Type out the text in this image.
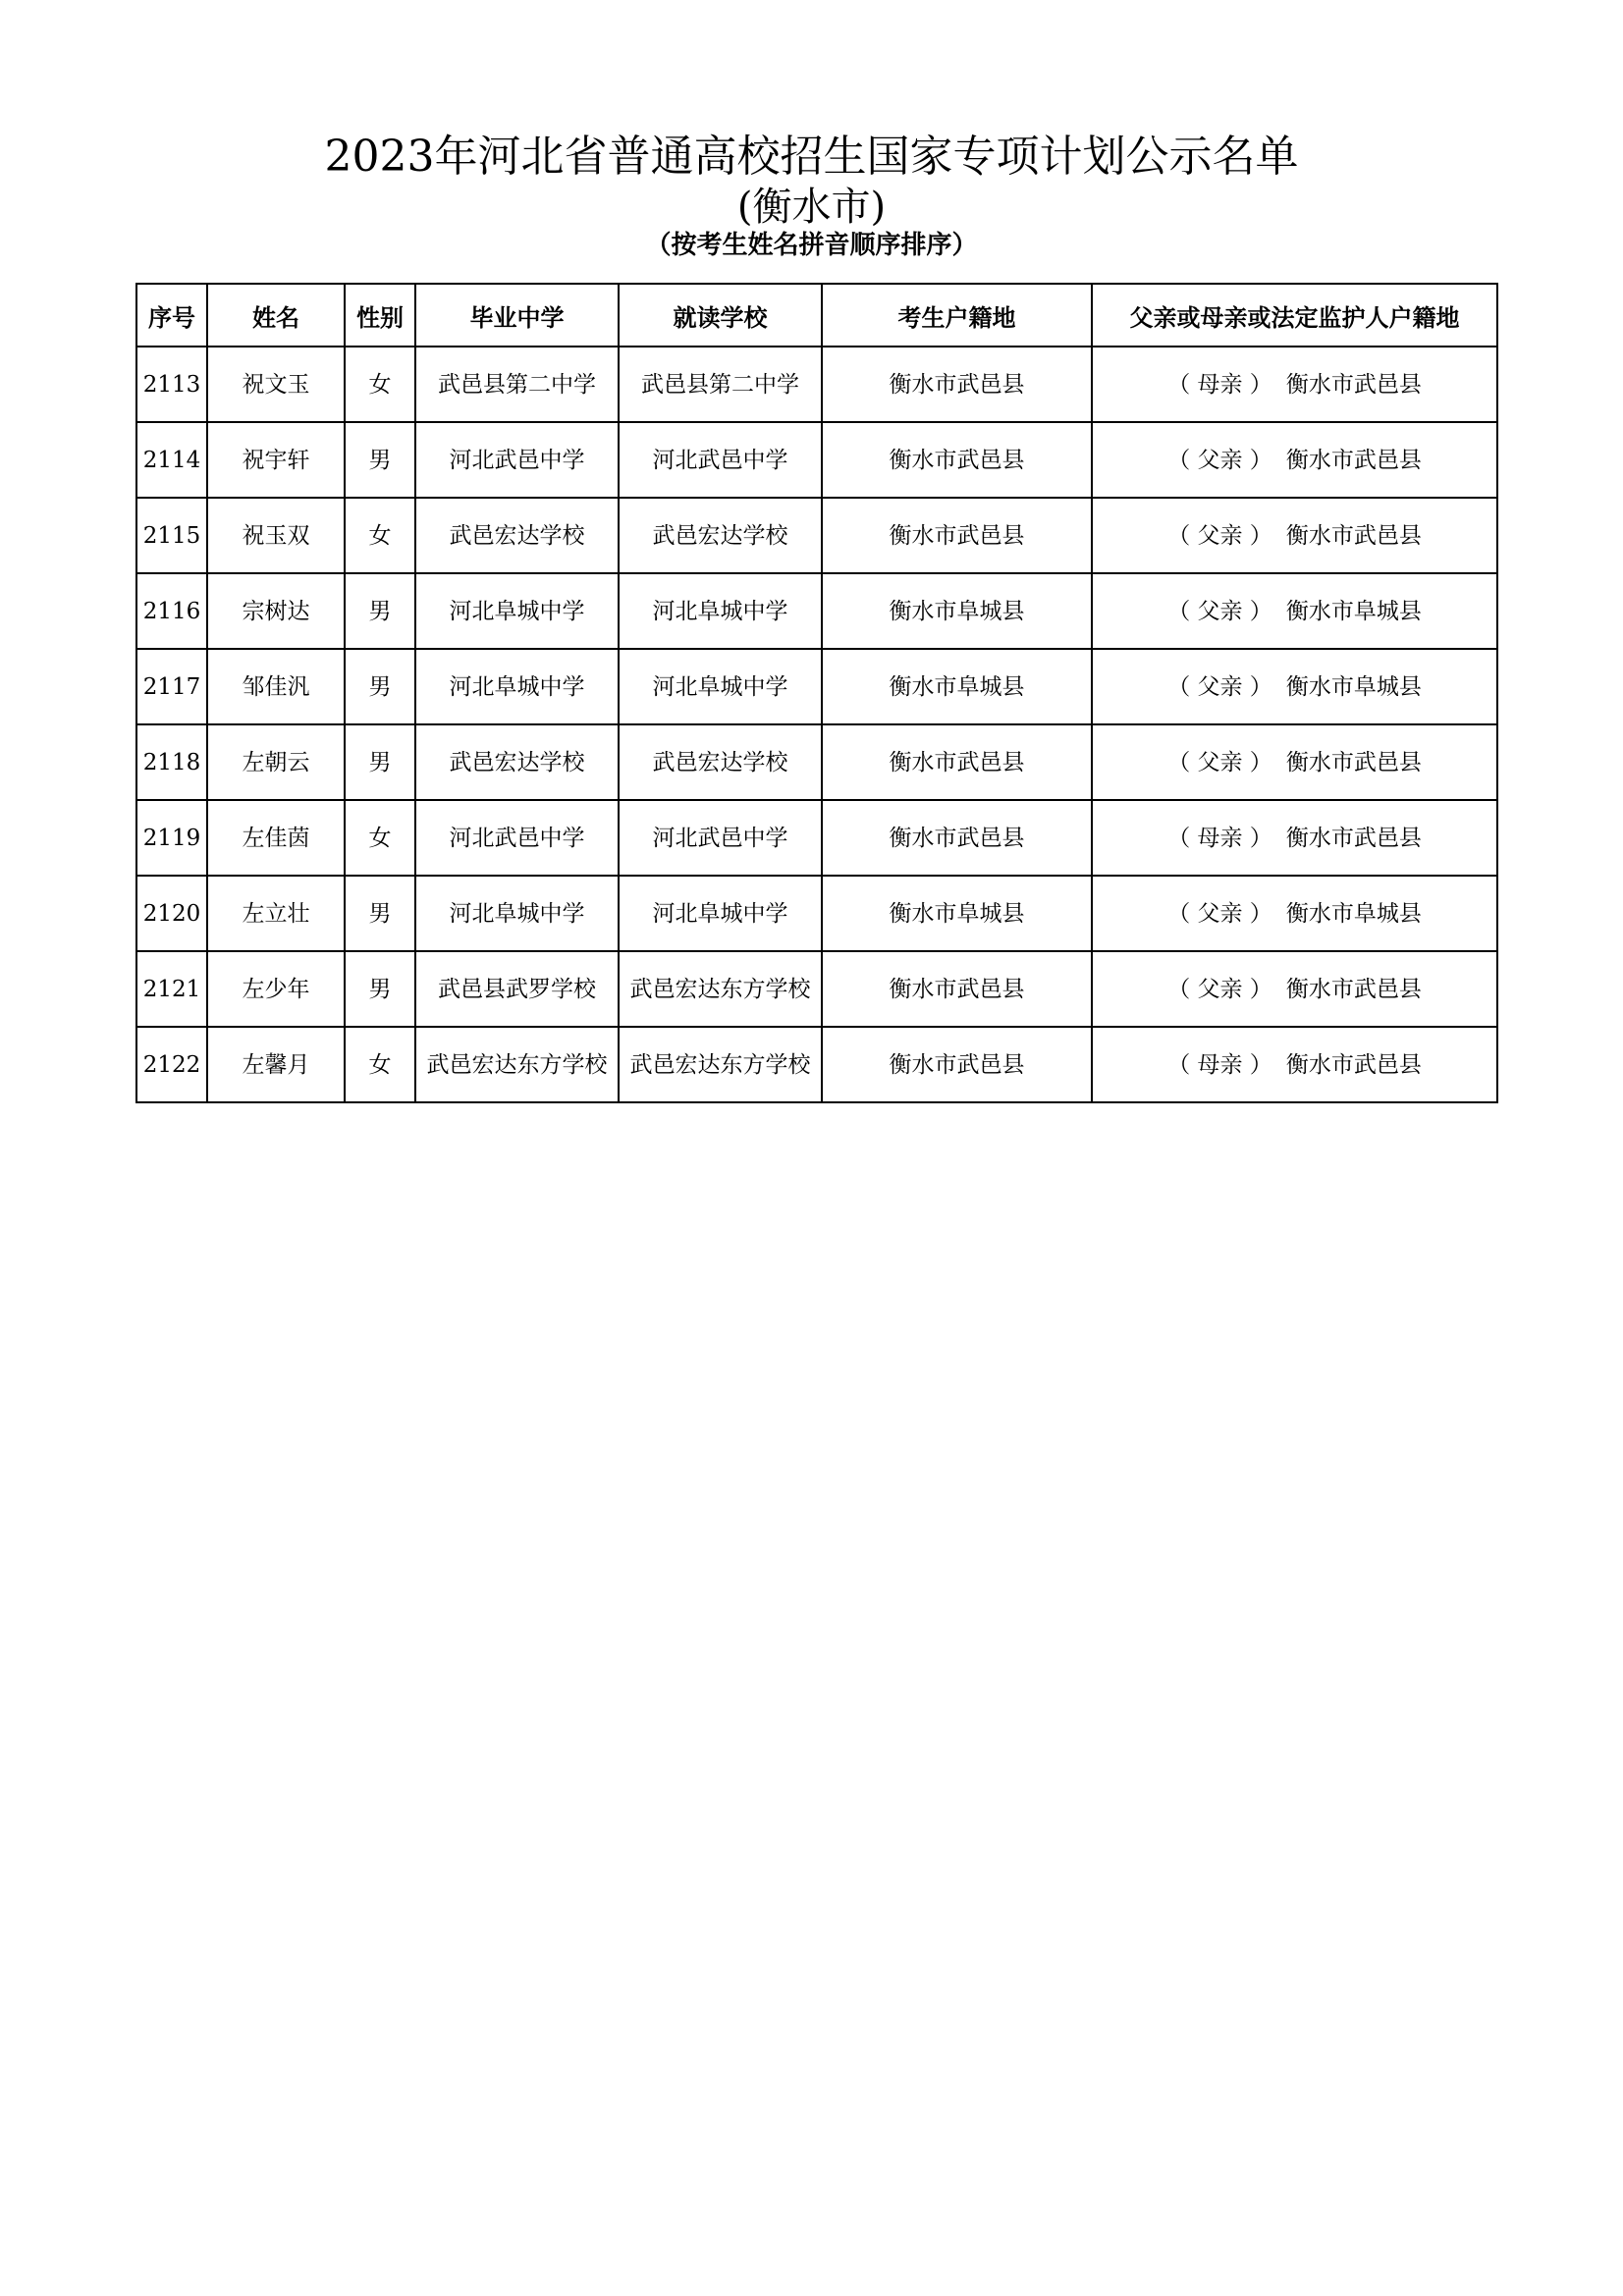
2023年河北省普通高校招生国家专项计划公示名单
(衡水市)
（按考生姓名拼音顺序排序）
序号	姓名	性别	毕业中学	就读学校	考生户籍地	父亲或母亲或法定监护人户籍地
2113	祝文玉	女	武邑县第二中学	武邑县第二中学	衡水市武邑县	（ 母亲 ） 衡水市武邑县
2114	祝宇轩	男	河北武邑中学	河北武邑中学	衡水市武邑县	（ 父亲 ） 衡水市武邑县
2115	祝玉双	女	武邑宏达学校	武邑宏达学校	衡水市武邑县	（ 父亲 ） 衡水市武邑县
2116	宗树达	男	河北阜城中学	河北阜城中学	衡水市阜城县	（ 父亲 ） 衡水市阜城县
2117	邹佳汎	男	河北阜城中学	河北阜城中学	衡水市阜城县	（ 父亲 ） 衡水市阜城县
2118	左朝云	男	武邑宏达学校	武邑宏达学校	衡水市武邑县	（ 父亲 ） 衡水市武邑县
2119	左佳茵	女	河北武邑中学	河北武邑中学	衡水市武邑县	（ 母亲 ） 衡水市武邑县
2120	左立壮	男	河北阜城中学	河北阜城中学	衡水市阜城县	（ 父亲 ） 衡水市阜城县
2121	左少年	男	武邑县武罗学校	武邑宏达东方学校	衡水市武邑县	（ 父亲 ） 衡水市武邑县
2122	左馨月	女	武邑宏达东方学校	武邑宏达东方学校	衡水市武邑县	（ 母亲 ） 衡水市武邑县
